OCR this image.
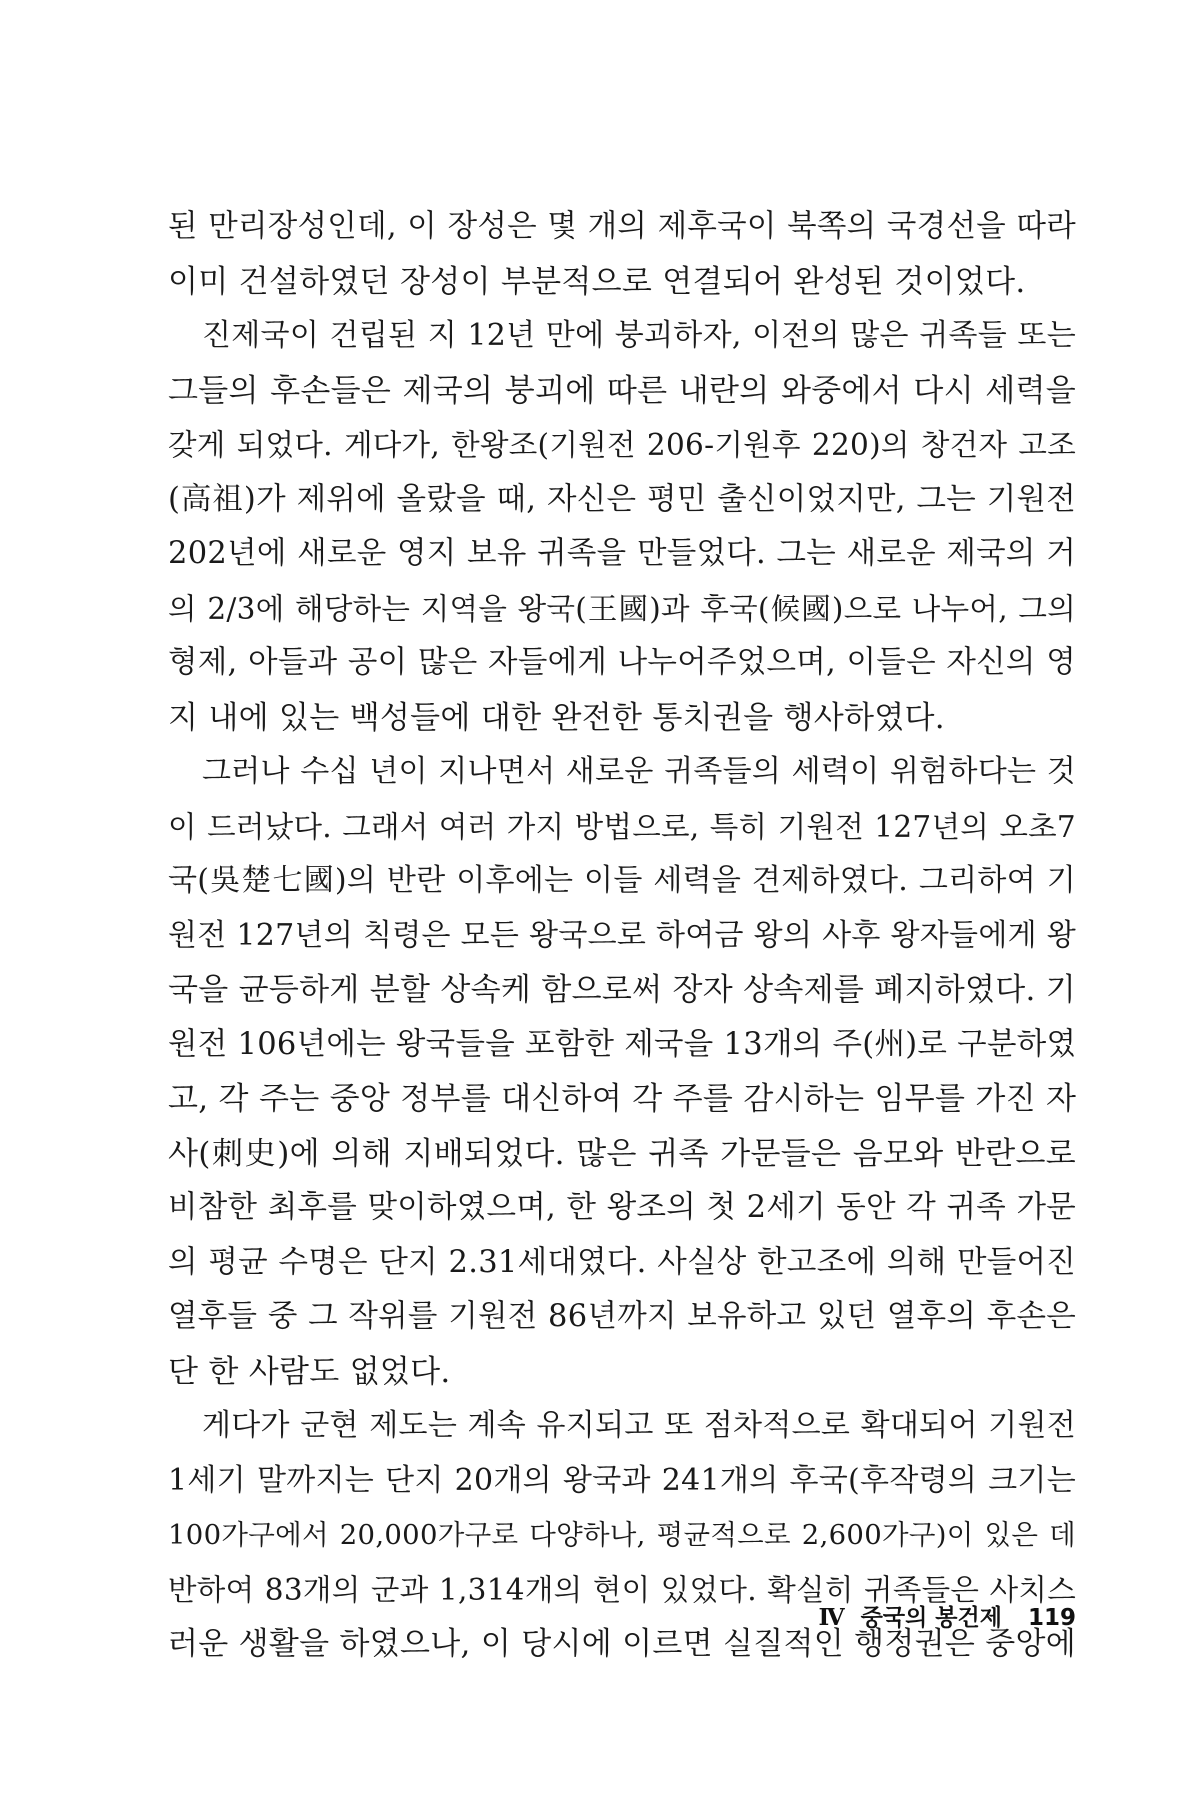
된 만리장성인데, 이 장성은 몇 개의 제후국이 북쪽의 국경선을 따라
이미 건설하였던 장성이 부분적으로 연결되어 완성된 것이었다.
진제국이 건립된 지 12년 만에 붕괴하자, 이전의 많은 귀족들 또는
그들의 후손들은 제국의 붕괴에 따른 내란의 와중에서 다시 세력을
갖게 되었다. 게다가, 한왕조(기원전 206-기원후 220)의 창건자 고조
(高祖)가 제위에 올랐을 때, 자신은 평민 출신이었지만, 그는 기원전
202년에 새로운 영지 보유 귀족을 만들었다. 그는 새로운 제국의 거
의 2/3에 해당하는 지역을 왕국(王國)과 후국(候國)으로 나누어, 그의
형제, 아들과 공이 많은 자들에게 나누어주었으며, 이들은 자신의 영
지 내에 있는 백성들에 대한 완전한 통치권을 행사하였다.
그러나 수십 년이 지나면서 새로운 귀족들의 세력이 위험하다는 것
이 드러났다. 그래서 여러 가지 방법으로, 특히 기원전 127년의 오초7
국(吳楚七國)의 반란 이후에는 이들 세력을 견제하였다. 그리하여 기
원전 127년의 칙령은 모든 왕국으로 하여금 왕의 사후 왕자들에게 왕
국을 균등하게 분할 상속케 함으로써 장자 상속제를 폐지하였다. 기
원전 106년에는 왕국들을 포함한 제국을 13개의 주(州)로 구분하였
고, 각 주는 중앙 정부를 대신하여 각 주를 감시하는 임무를 가진 자
사(刺史)에 의해 지배되었다. 많은 귀족 가문들은 음모와 반란으로
비참한 최후를 맞이하였으며, 한 왕조의 첫 2세기 동안 각 귀족 가문
의 평균 수명은 단지 2.31세대였다. 사실상 한고조에 의해 만들어진
열후들 중 그 작위를 기원전 86년까지 보유하고 있던 열후의 후손은
단 한 사람도 없었다.
게다가 군현 제도는 계속 유지되고 또 점차적으로 확대되어 기원전
1세기 말까지는 단지 20개의 왕국과 241개의 후국(후작령의 크기는
100가구에서 20,000가구로 다양하나, 평균적으로 2,600가구)이 있은 데
반하여 83개의 군과 1,314개의 현이 있었다. 확실히 귀족들은 사치스
러운 생활을 하였으나, 이 당시에 이르면 실질적인 행정권은 중앙에
Ⅳ 중국의 봉건제 119
